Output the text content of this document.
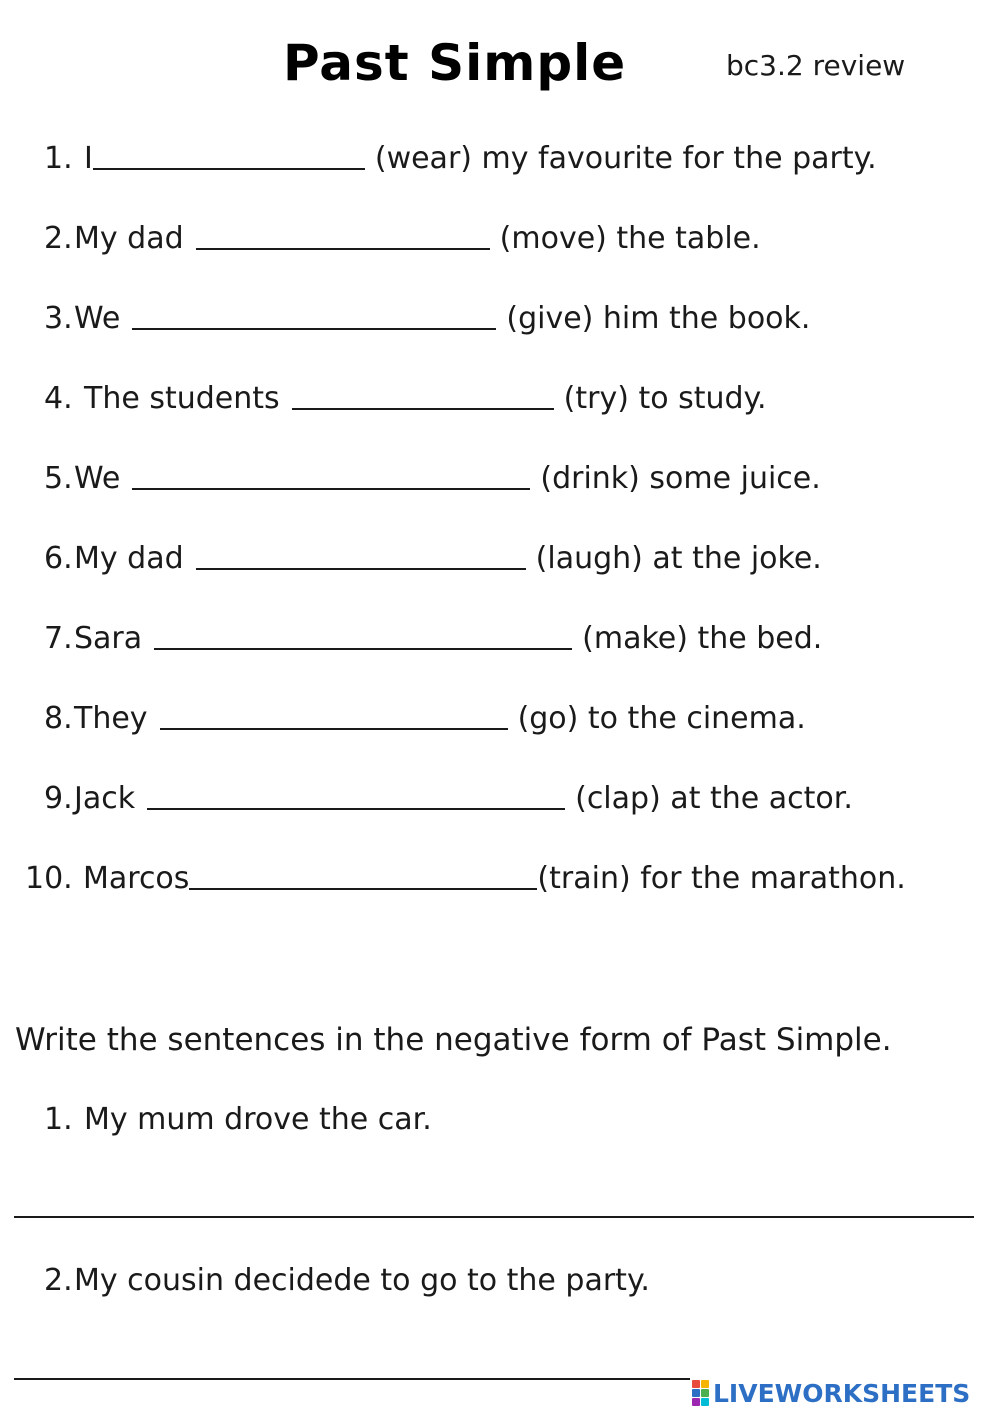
Past Simple	bc3.2 review
1. I	(wear) my favourite for the party.
2. My dad	(move) the table.
3. We	(give) him the book.
4. The students	(try) to study.
5. We	(drink) some juice.
6. My dad	(laugh) at the joke.
7. Sara	(make) the bed.
8. They	(go) to the cinema.
9. Jack	(clap) at the actor.
10. Marcos	(train) for the marathon.
Write the sentences in the negative form of Past Simple.
1. My mum drove the car.
2.My cousin decidede to go to the party.
LIVEWORKSHEETS
